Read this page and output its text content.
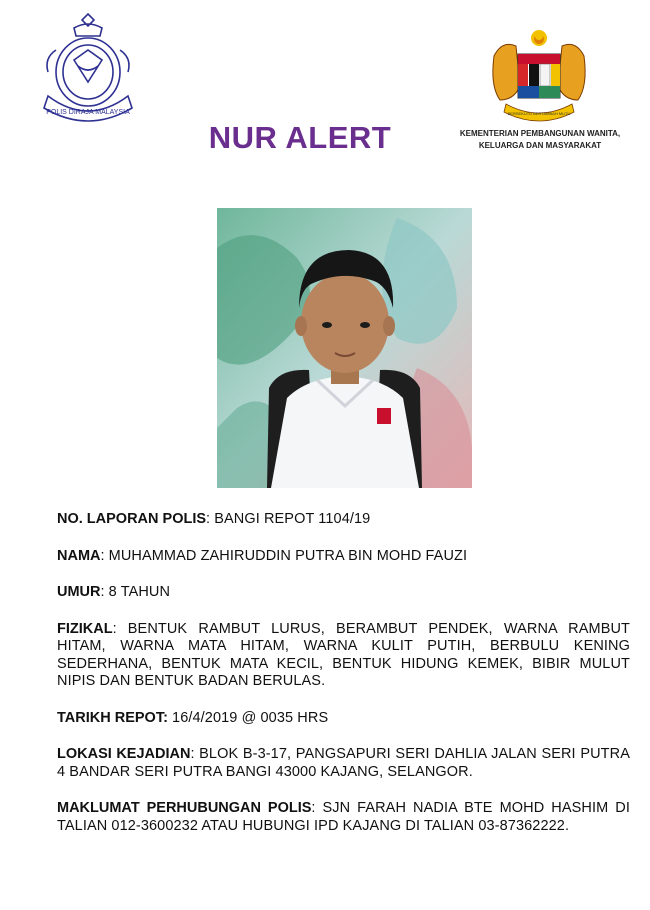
POLIS DIRAJA MALAYSIA	BERSEKUTU BERTAMBAH MUTU
NUR ALERT	KEMENTERIAN PEMBANGUNAN WANITA,
KELUARGA DAN MASYARAKAT

NO. LAPORAN POLIS: BANGI REPOT 1104/19

NAMA: MUHAMMAD ZAHIRUDDIN PUTRA BIN MOHD FAUZI

UMUR: 8 TAHUN

FIZIKAL: BENTUK RAMBUT LURUS, BERAMBUT PENDEK, WARNA RAMBUT HITAM, WARNA MATA HITAM, WARNA KULIT PUTIH, BERBULU KENING SEDERHANA, BENTUK MATA KECIL, BENTUK HIDUNG KEMEK, BIBIR MULUT NIPIS DAN BENTUK BADAN BERULAS.

TARIKH REPOT: 16/4/2019 @ 0035 HRS

LOKASI KEJADIAN: BLOK B-3-17, PANGSAPURI SERI DAHLIA JALAN SERI PUTRA 4 BANDAR SERI PUTRA BANGI 43000 KAJANG, SELANGOR.

MAKLUMAT PERHUBUNGAN POLIS: SJN FARAH NADIA BTE MOHD HASHIM DI TALIAN 012-3600232 ATAU HUBUNGI IPD KAJANG DI TALIAN 03-87362222.
